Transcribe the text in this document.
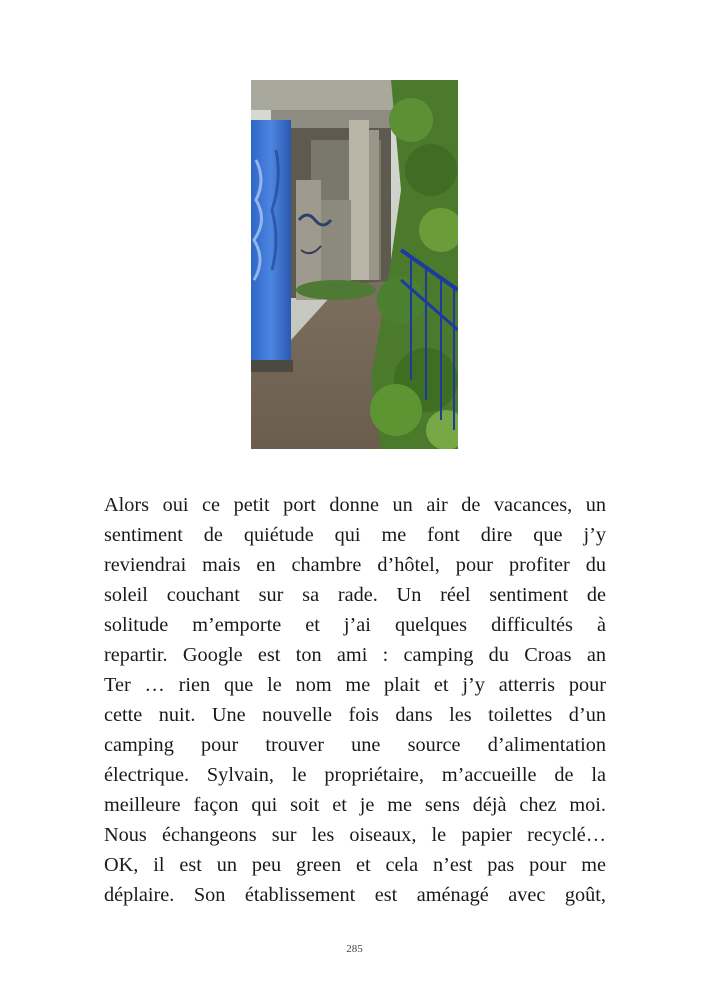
Alors oui ce petit port donne un air de vacances, un
sentiment de quiétude qui me font dire que j’y
reviendrai mais en chambre d’hôtel, pour profiter du
soleil couchant sur sa rade. Un réel sentiment de
solitude m’emporte et j’ai quelques difficultés à
repartir. Google est ton ami : camping du Croas an
Ter … rien que le nom me plait et j’y atterris pour
cette nuit. Une nouvelle fois dans les toilettes d’un
camping pour trouver une source d’alimentation
électrique. Sylvain, le propriétaire, m’accueille de la
meilleure façon qui soit et je me sens déjà chez moi.
Nous échangeons sur les oiseaux, le papier recyclé…
OK, il est un peu green et cela n’est pas pour me
déplaire. Son établissement est aménagé avec goût,
285
